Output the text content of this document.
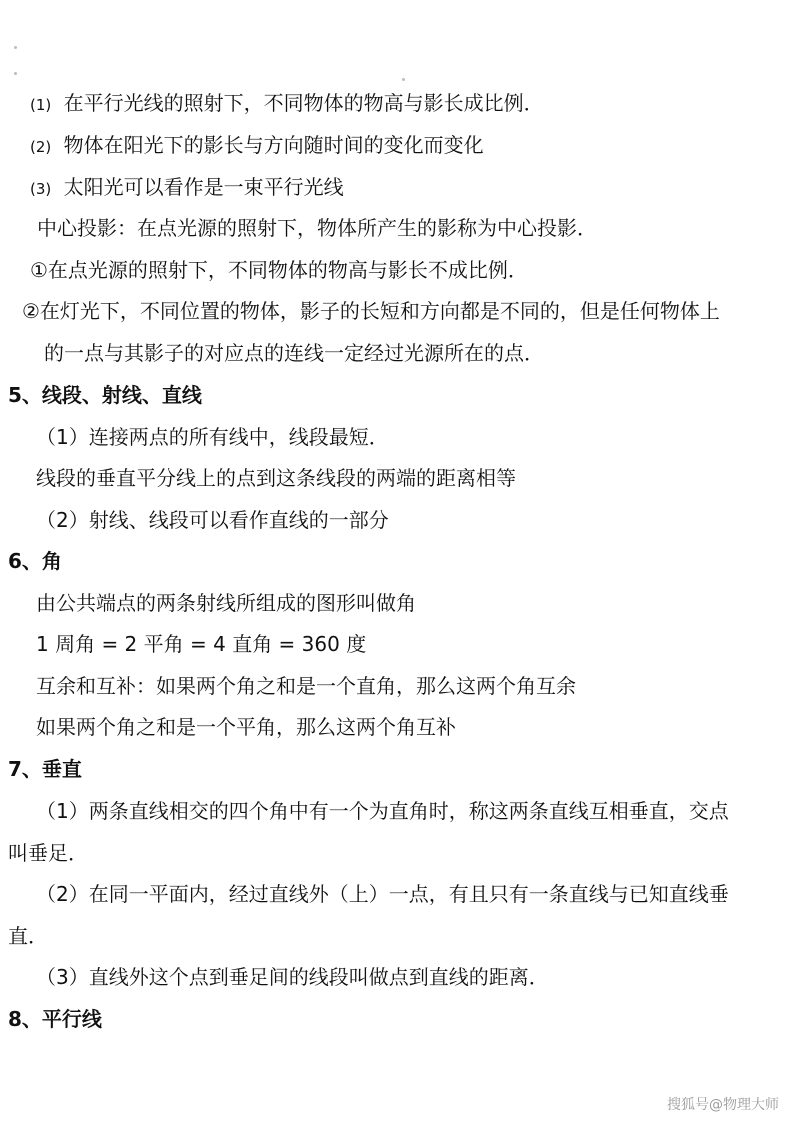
(1) 在平行光线的照射下，不同物体的物高与影长成比例．
(2) 物体在阳光下的影长与方向随时间的变化而变化
(3) 太阳光可以看作是一束平行光线
中心投影：在点光源的照射下，物体所产生的影称为中心投影．
①在点光源的照射下，不同物体的物高与影长不成比例．
②在灯光下，不同位置的物体，影子的长短和方向都是不同的，但是任何物体上
的一点与其影子的对应点的连线一定经过光源所在的点．
5、线段、射线、直线
（1）连接两点的所有线中，线段最短．
线段的垂直平分线上的点到这条线段的两端的距离相等
（2）射线、线段可以看作直线的一部分
6、角
由公共端点的两条射线所组成的图形叫做角
1 周角 = 2 平角 = 4 直角 = 360 度
互余和互补：如果两个角之和是一个直角，那么这两个角互余
如果两个角之和是一个平角，那么这两个角互补
7、垂直
（1）两条直线相交的四个角中有一个为直角时，称这两条直线互相垂直，交点
叫垂足．
（2）在同一平面内，经过直线外（上）一点，有且只有一条直线与已知直线垂
直．
（3）直线外这个点到垂足间的线段叫做点到直线的距离．
8、平行线
搜狐号@物理大师
